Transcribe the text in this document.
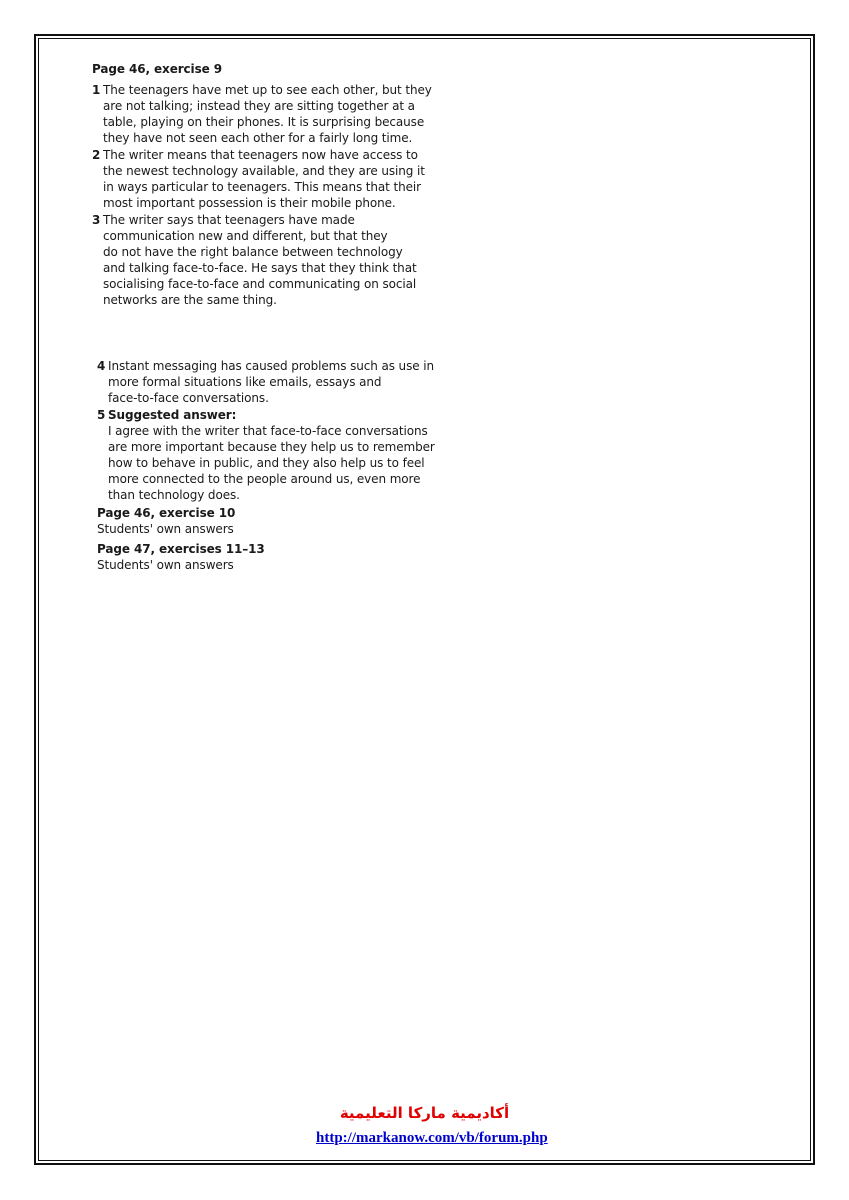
Page 46, exercise 9
1 The teenagers have met up to see each other, but they
are not talking; instead they are sitting together at a
table, playing on their phones. It is surprising because
they have not seen each other for a fairly long time.
2 The writer means that teenagers now have access to
the newest technology available, and they are using it
in ways particular to teenagers. This means that their
most important possession is their mobile phone.
3 The writer says that teenagers have made
communication new and different, but that they
do not have the right balance between technology
and talking face-to-face. He says that they think that
socialising face-to-face and communicating on social
networks are the same thing.
4 Instant messaging has caused problems such as use in
more formal situations like emails, essays and
face-to-face conversations.
5 Suggested answer:
I agree with the writer that face-to-face conversations
are more important because they help us to remember
how to behave in public, and they also help us to feel
more connected to the people around us, even more
than technology does.
Page 46, exercise 10
Students' own answers
Page 47, exercises 11–13
Students' own answers
أكاديمية ماركا التعليمية
http://markanow.com/vb/forum.php
